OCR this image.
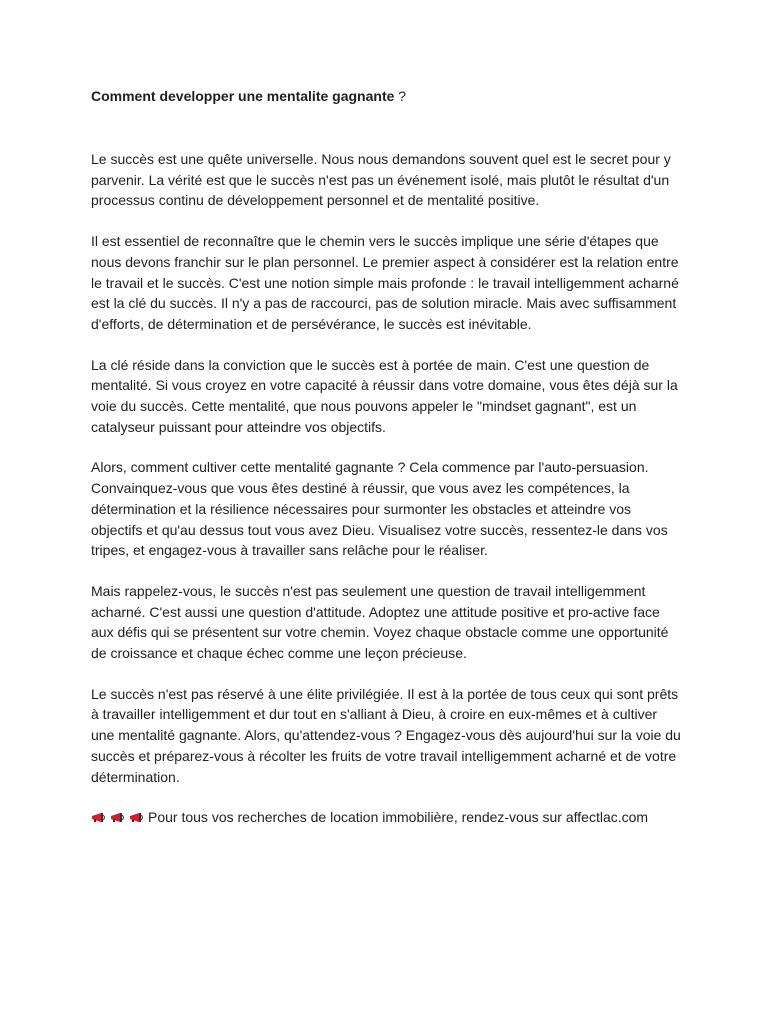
Comment developper une mentalite gagnante ?

Le succès est une quête universelle. Nous nous demandons souvent quel est le secret pour y parvenir. La vérité est que le succès n'est pas un événement isolé, mais plutôt le résultat d'un processus continu de développement personnel et de mentalité positive.

Il est essentiel de reconnaître que le chemin vers le succès implique une série d'étapes que nous devons franchir sur le plan personnel. Le premier aspect à considérer est la relation entre le travail et le succès. C'est une notion simple mais profonde : le travail intelligemment acharné est la clé du succès. Il n'y a pas de raccourci, pas de solution miracle. Mais avec suffisamment d'efforts, de détermination et de persévérance, le succès est inévitable.

La clé réside dans la conviction que le succès est à portée de main. C'est une question de mentalité. Si vous croyez en votre capacité à réussir dans votre domaine, vous êtes déjà sur la voie du succès. Cette mentalité, que nous pouvons appeler le "mindset gagnant", est un catalyseur puissant pour atteindre vos objectifs.

Alors, comment cultiver cette mentalité gagnante ? Cela commence par l'auto-persuasion. Convainquez-vous que vous êtes destiné à réussir, que vous avez les compétences, la détermination et la résilience nécessaires pour surmonter les obstacles et atteindre vos objectifs et qu'au dessus tout vous avez Dieu. Visualisez votre succès, ressentez-le dans vos tripes, et engagez-vous à travailler sans relâche pour le réaliser.

Mais rappelez-vous, le succès n'est pas seulement une question de travail intelligemment acharné. C'est aussi une question d'attitude. Adoptez une attitude positive et pro-active face aux défis qui se présentent sur votre chemin. Voyez chaque obstacle comme une opportunité de croissance et chaque échec comme une leçon précieuse.

Le succès n'est pas réservé à une élite privilégiée. Il est à la portée de tous ceux qui sont prêts à travailler intelligemment et dur tout en s'alliant à Dieu, à croire en eux-mêmes et à cultiver une mentalité gagnante. Alors, qu'attendez-vous ? Engagez-vous dès aujourd'hui sur la voie du succès et préparez-vous à récolter les fruits de votre travail intelligemment acharné et de votre détermination.

Pour tous vos recherches de location immobilière, rendez-vous sur affectlac.com
